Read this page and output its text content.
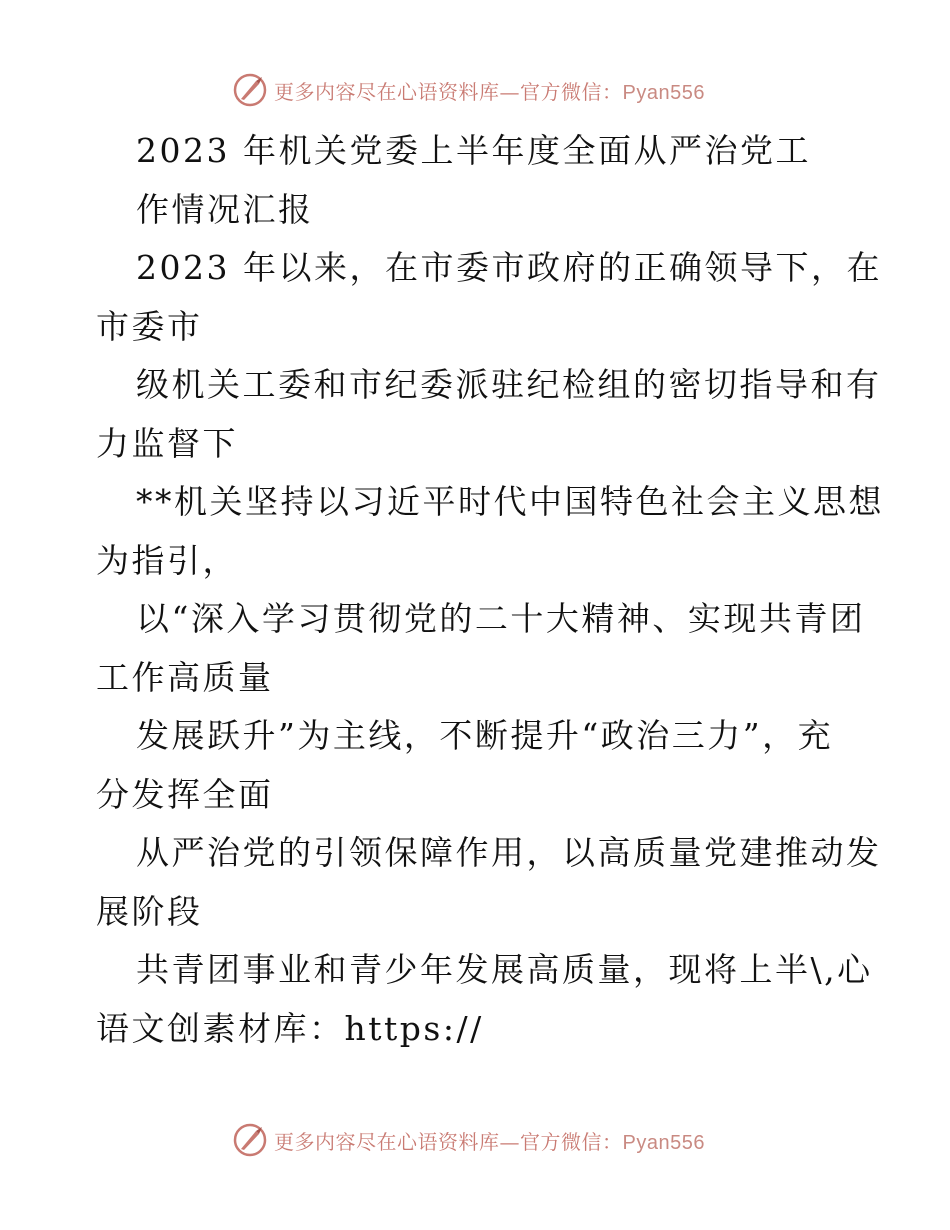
更多内容尽在心语资料库—官方微信：Pyan556
2023 年机关党委上半年度全面从严治党工
作情况汇报
2023 年以来，在市委市政府的正确领导下，在
市委市
级机关工委和市纪委派驻纪检组的密切指导和有
力监督下
**机关坚持以习近平时代中国特色社会主义思想
为指引，
以“深入学习贯彻党的二十大精神、实现共青团
工作高质量
发展跃升”为主线，不断提升“政治三力”，充
分发挥全面
从严治党的引领保障作用，以高质量党建推动发
展阶段
共青团事业和青少年发展高质量，现将上半\,心
语文创素材库：https://
更多内容尽在心语资料库—官方微信：Pyan556
